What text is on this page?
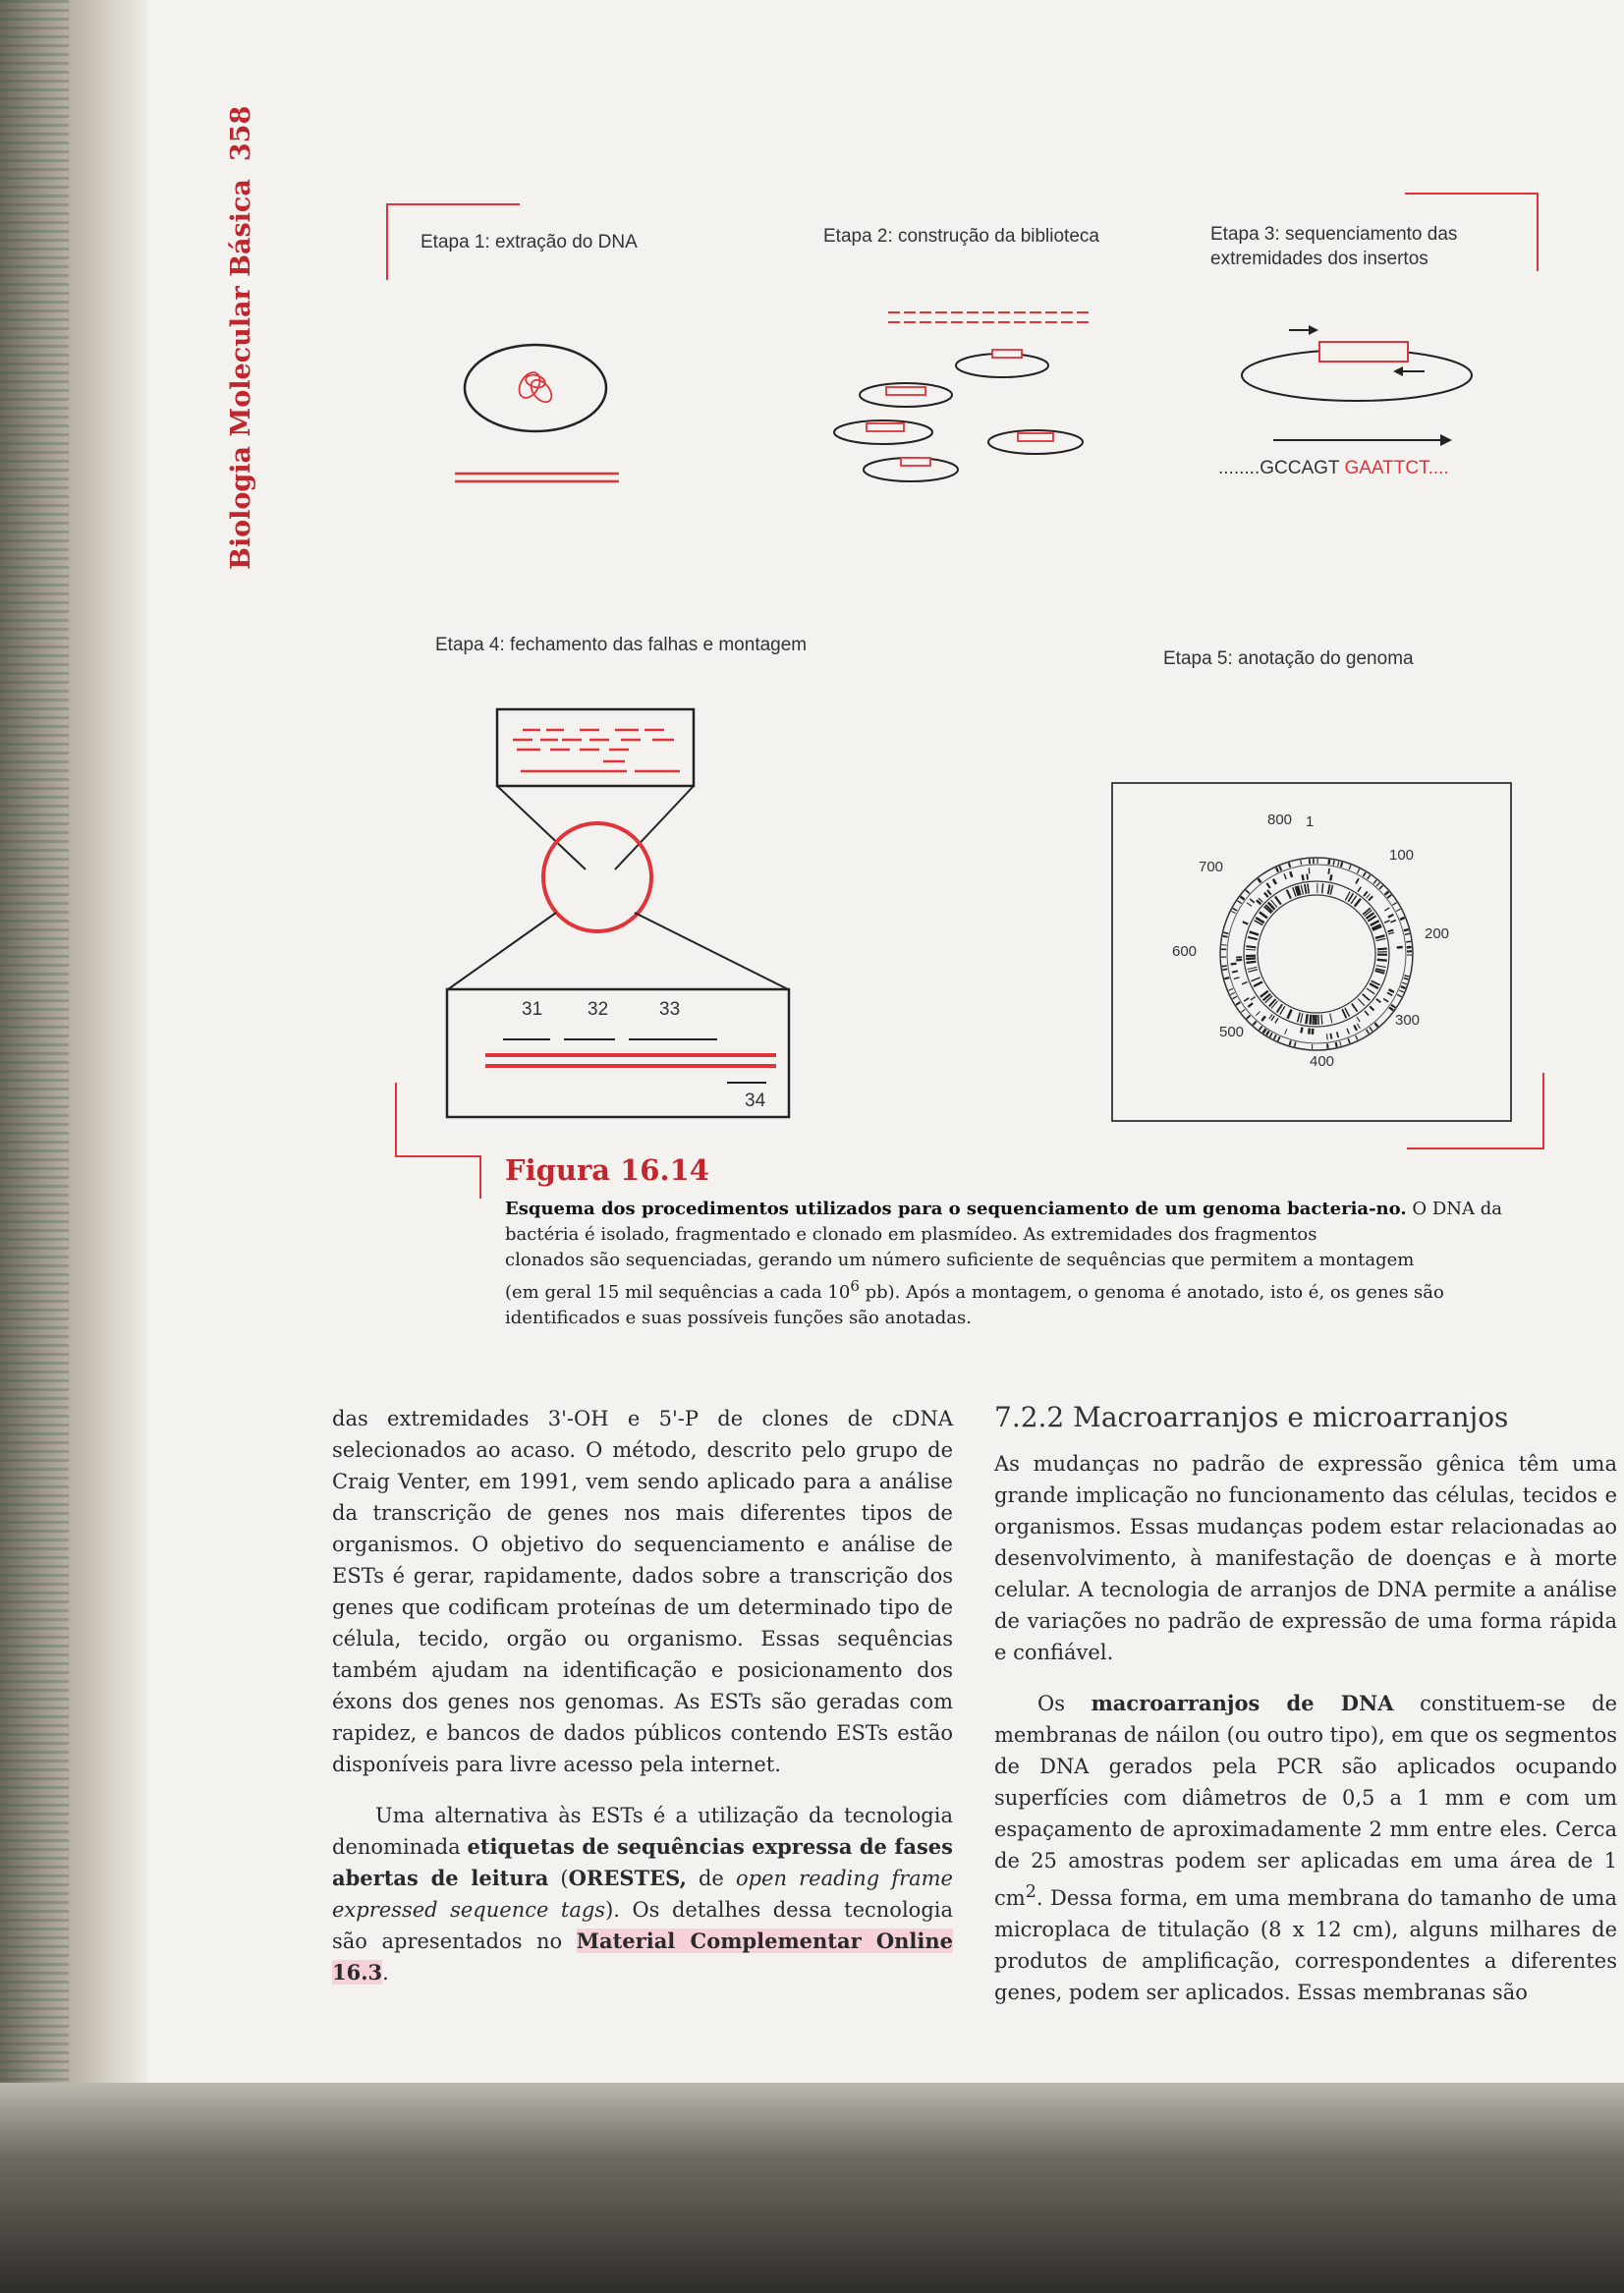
Biologia Molecular Básica358
Etapa 1: extração do DNA	Etapa 2: construção da biblioteca	Etapa 3: sequenciamento das
extremidades dos insertos
Etapa 4: fechamento das falhas e montagem
Etapa 5: anotação do genoma
........GCCAGT GAATTCT....
31 32	33
34
800 1
100
200
300
400
500
600
700
Figura 16.14
Esquema dos procedimentos utilizados para o sequenciamento de um genoma bacteria-no. O DNA da bactéria é isolado, fragmentado e clonado em plasmídeo. As extremidades dos fragmentos
clonados são sequenciadas, gerando um número suficiente de sequências que permitem a montagem
(em geral 15 mil sequências a cada $10^6$ pb). Após a montagem, o genoma é anotado, isto é, os genes são
identificados e suas possíveis funções são anotadas.

das extremidades 3'-OH e 5'-P de clones de cDNA selecionados ao acaso. O método, descrito pelo grupo de Craig Venter, em 1991, vem sendo aplicado para a análise da transcrição de genes nos mais diferentes tipos de organismos. O objetivo do sequenciamento e análise de ESTs é gerar, rapidamente, dados sobre a transcrição dos genes que codificam proteínas de um determinado tipo de célula, tecido, orgão ou organismo. Essas sequências também ajudam na identificação e posicionamento dos éxons dos genes nos genomas. As ESTs são geradas com rapidez, e bancos de dados públicos contendo ESTs estão disponíveis para livre acesso pela internet.

Uma alternativa às ESTs é a utilização da tecnologia denominada etiquetas de sequências expressa de fases abertas de leitura (ORESTES, de open reading frame expressed sequence tags). Os detalhes dessa tecnologia são apresentados no Material Complementar Online 16.3.

7.2.2 Macroarranjos e microarranjos

As mudanças no padrão de expressão gênica têm uma grande implicação no funcionamento das células, tecidos e organismos. Essas mudanças podem estar relacionadas ao desenvolvimento, à manifestação de doenças e à morte celular. A tecnologia de arranjos de DNA permite a análise de variações no padrão de expressão de uma forma rápida e confiável.

Os macroarranjos de DNA constituem-se de membranas de náilon (ou outro tipo), em que os segmentos de DNA gerados pela PCR são aplicados ocupando superfícies com diâmetros de 0,5 a 1 mm e com um espaçamento de aproximadamente 2 mm entre eles. Cerca de 25 amostras podem ser aplicadas em uma área de 1 $cm^2$. Dessa forma, em uma membrana do tamanho de uma microplaca de titulação (8 x 12 cm), alguns milhares de produtos de amplificação, correspondentes a diferentes genes, podem ser aplicados. Essas membranas são
